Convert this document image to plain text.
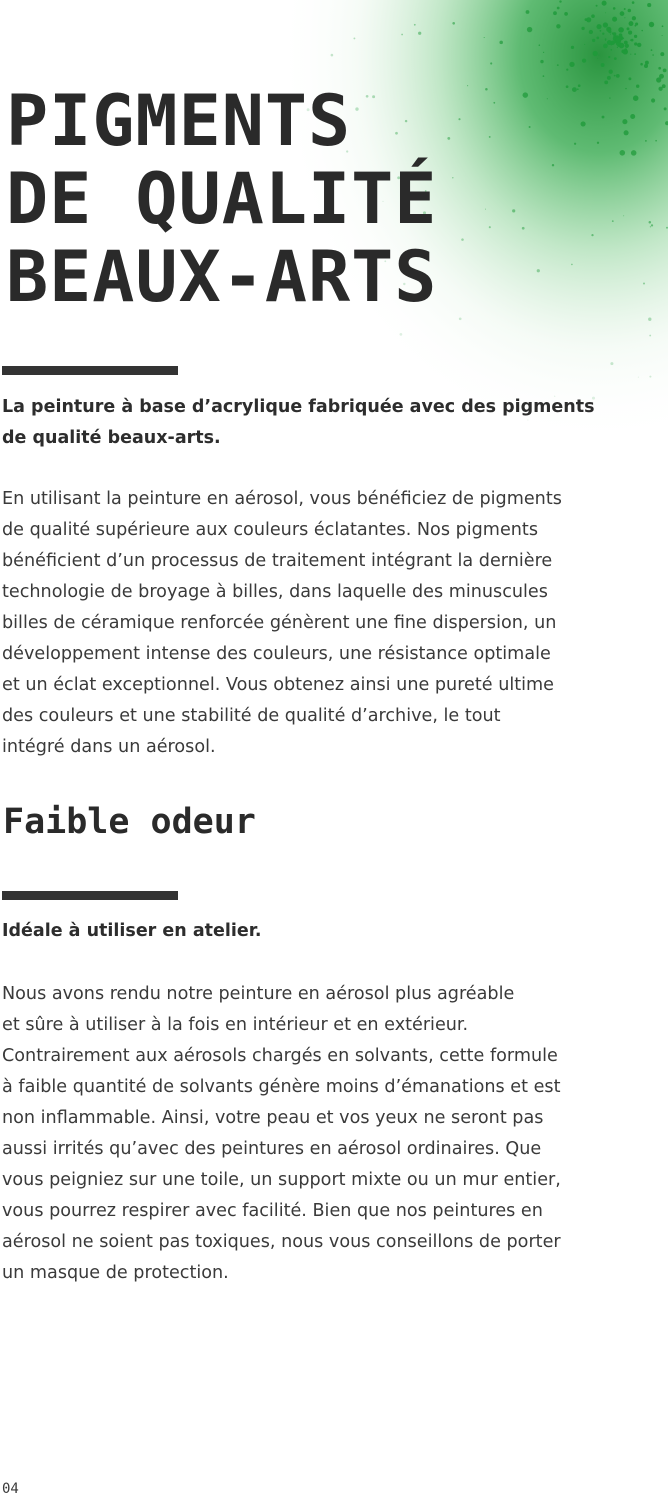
PIGMENTS
DE QUALITÉ
BEAUX-ARTS

La peinture à base d’acrylique fabriquée avec des pigments
de qualité beaux-arts.

En utilisant la peinture en aérosol, vous bénéficiez de pigments
de qualité supérieure aux couleurs éclatantes. Nos pigments
bénéficient d’un processus de traitement intégrant la dernière
technologie de broyage à billes, dans laquelle des minuscules
billes de céramique renforcée génèrent une fine dispersion, un
développement intense des couleurs, une résistance optimale
et un éclat exceptionnel. Vous obtenez ainsi une pureté ultime
des couleurs et une stabilité de qualité d’archive, le tout
intégré dans un aérosol.

Faible odeur

Idéale à utiliser en atelier.

Nous avons rendu notre peinture en aérosol plus agréable
et sûre à utiliser à la fois en intérieur et en extérieur.
Contrairement aux aérosols chargés en solvants, cette formule
à faible quantité de solvants génère moins d’émanations et est
non inflammable. Ainsi, votre peau et vos yeux ne seront pas
aussi irrités qu’avec des peintures en aérosol ordinaires. Que
vous peigniez sur une toile, un support mixte ou un mur entier,
vous pourrez respirer avec facilité. Bien que nos peintures en
aérosol ne soient pas toxiques, nous vous conseillons de porter
un masque de protection.

04
